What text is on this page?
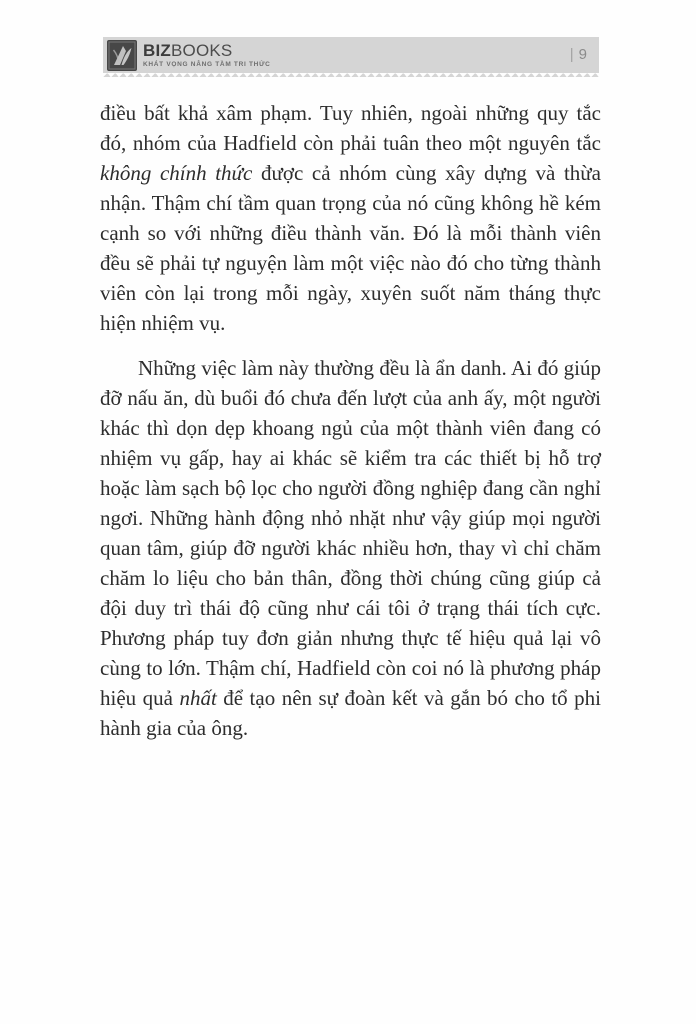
BIZBOOKS
KHÁT VỌNG NÂNG TẦM TRI THỨC
| 9

điều bất khả xâm phạm. Tuy nhiên, ngoài những quy tắc đó, nhóm của Hadfield còn phải tuân theo một nguyên tắc không chính thức được cả nhóm cùng xây dựng và thừa nhận. Thậm chí tầm quan trọng của nó cũng không hề kém cạnh so với những điều thành văn. Đó là mỗi thành viên đều sẽ phải tự nguyện làm một việc nào đó cho từng thành viên còn lại trong mỗi ngày, xuyên suốt năm tháng thực hiện nhiệm vụ.

Những việc làm này thường đều là ẩn danh. Ai đó giúp đỡ nấu ăn, dù buổi đó chưa đến lượt của anh ấy, một người khác thì dọn dẹp khoang ngủ của một thành viên đang có nhiệm vụ gấp, hay ai khác sẽ kiểm tra các thiết bị hỗ trợ hoặc làm sạch bộ lọc cho người đồng nghiệp đang cần nghỉ ngơi. Những hành động nhỏ nhặt như vậy giúp mọi người quan tâm, giúp đỡ người khác nhiều hơn, thay vì chỉ chăm chăm lo liệu cho bản thân, đồng thời chúng cũng giúp cả đội duy trì thái độ cũng như cái tôi ở trạng thái tích cực. Phương pháp tuy đơn giản nhưng thực tế hiệu quả lại vô cùng to lớn. Thậm chí, Hadfield còn coi nó là phương pháp hiệu quả nhất để tạo nên sự đoàn kết và gắn bó cho tổ phi hành gia của ông.
